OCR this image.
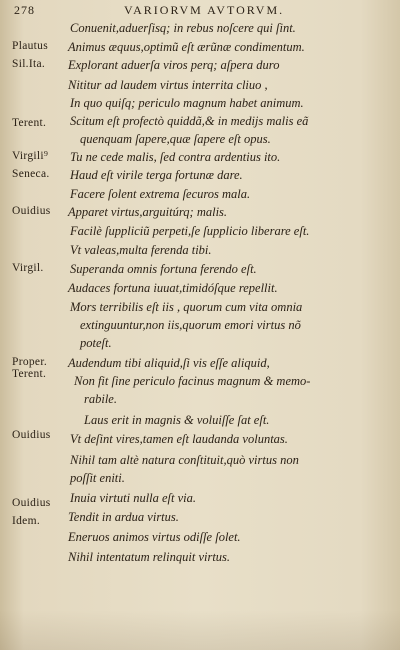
278	VARIORVM AVTORVM.
Conuenit,aduerſisq; in rebus noſcere qui ſint.
Plautus Animus æquus,optimũ eſt ærũnæ condimentum.
Sil.Ita. Explorant aduerſa viros perq; aſpera duro
Nititur ad laudem virtus interrita cliuo ,
In quo quiſq; periculo magnum habet animum.
Terent. Scitum eſt profectò quiddã,& in medijs malis eã
quenquam ſapere,quæ ſapere eſt opus.
Virgili⁹ Tu ne cede malis, ſed contra ardentius ito.
Seneca. Haud eſt virile terga fortunæ dare.
Facere ſolent extrema ſecuros mala.
Ouidius Apparet virtus,arguitúrq; malis.
Facilè ſuppliciũ perpeti,ſe ſupplicio liberare eſt.
Vt valeas,multa ferenda tibi.
Virgil. Superanda omnis fortuna ferendo eſt.
Audaces fortuna iuuat,timidóſque repellit.
Mors terribilis eſt iis , quorum cum vita omnia
extinguuntur,non iis,quorum emori virtus nõ
poteſt.
Proper. Audendum tibi aliquid,ſi vis eſſe aliquid,
Terent. Non fit ſine periculo facinus magnum & memo-
rabile.
Laus erit in magnis & voluiſſe ſat eſt.
Ouidius Vt deſint vires,tamen eſt laudanda voluntas.
Nihil tam altè natura conſtituit,quò virtus non
poſſit eniti.
Ouidius Inuia virtuti nulla eſt via.
Idem. Tendit in ardua virtus.
Eneruos animos virtus odiſſe ſolet.
Nihil intentatum relinquit virtus.
